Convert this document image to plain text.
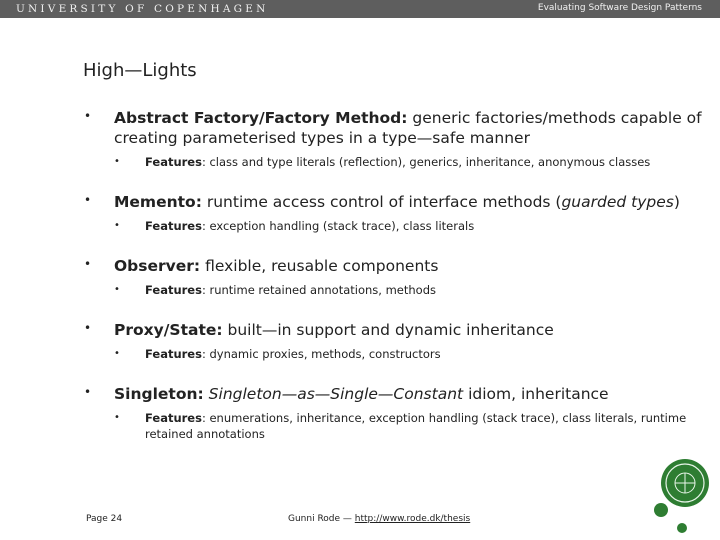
UNIVERSITY OF COPENHAGEN	Evaluating Software Design Patterns
High—Lights
• Abstract Factory/Factory Method: generic factories/methods capable of creating parameterised types in a type—safe manner
• Features: class and type literals (reflection), generics, inheritance, anonymous classes
• Memento: runtime access control of interface methods (guarded types)
• Features: exception handling (stack trace), class literals
• Observer: flexible, reusable components
• Features: runtime retained annotations, methods
• Proxy/State: built—in support and dynamic inheritance
• Features: dynamic proxies, methods, constructors
• Singleton: Singleton—as—Single—Constant idiom, inheritance
• Features: enumerations, inheritance, exception handling (stack trace), class literals, runtime retained annotations
Page 24	Gunni Rode — http://www.rode.dk/thesis
